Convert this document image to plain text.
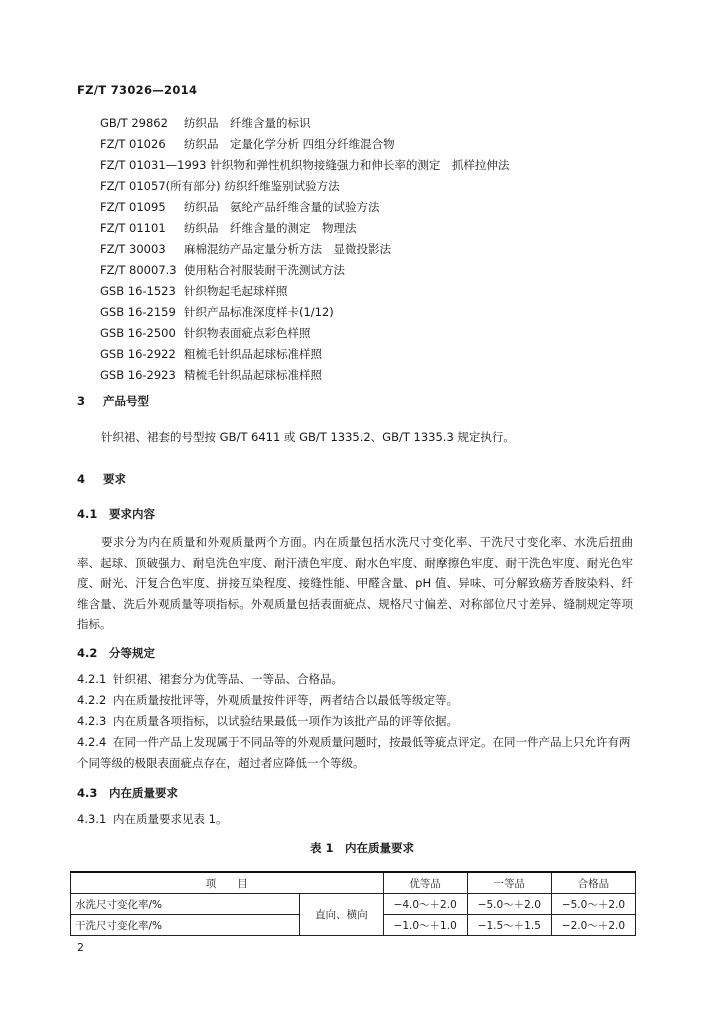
FZ/T 73026—2014
GB/T 29862 纺织品　纤维含量的标识
FZ/T 01026 纺织品　定量化学分析 四组分纤维混合物
FZ/T 01031—1993 针织物和弹性机织物接缝强力和伸长率的测定　抓样拉伸法
FZ/T 01057(所有部分) 纺织纤维鉴别试验方法
FZ/T 01095 纺织品　氨纶产品纤维含量的试验方法
FZ/T 01101 纺织品　纤维含量的测定　物理法
FZ/T 30003 麻棉混纺产品定量分析方法　显微投影法
FZ/T 80007.3 使用粘合衬服装耐干洗测试方法
GSB 16-1523 针织物起毛起球样照
GSB 16-2159 针织产品标准深度样卡(1/12)
GSB 16-2500 针织物表面疵点彩色样照
GSB 16-2922 粗梳毛针织品起球标准样照
GSB 16-2923 精梳毛针织品起球标准样照
3 产品号型
针织裙、裙套的号型按 GB/T 6411 或 GB/T 1335.2、GB/T 1335.3 规定执行。
4 要求
4.1 要求内容
要求分为内在质量和外观质量两个方面。内在质量包括水洗尺寸变化率、干洗尺寸变化率、水洗后扭曲率、起球、顶破强力、耐皂洗色牢度、耐汗渍色牢度、耐水色牢度、耐摩擦色牢度、耐干洗色牢度、耐光色牢度、耐光、汗复合色牢度、拼接互染程度、接缝性能、甲醛含量、pH 值、异味、可分解致癌芳香胺染料、纤维含量、洗后外观质量等项指标。外观质量包括表面疵点、规格尺寸偏差、对称部位尺寸差异、缝制规定等项指标。
4.2 分等规定
4.2.1 针织裙、裙套分为优等品、一等品、合格品。
4.2.2 内在质量按批评等，外观质量按件评等，两者结合以最低等级定等。
4.2.3 内在质量各项指标，以试验结果最低一项作为该批产品的评等依据。
4.2.4 在同一件产品上发现属于不同品等的外观质量问题时，按最低等疵点评定。在同一件产品上只允许有两个同等级的极限表面疵点存在，超过者应降低一个等级。
4.3 内在质量要求
4.3.1 内在质量要求见表 1。
表 1　内在质量要求
项　　目		优等品	一等品	合格品
水洗尺寸变化率/%	直向、横向	−4.0～＋2.0	−5.0～＋2.0	−5.0～＋2.0
干洗尺寸变化率/%		−1.0～＋1.0	−1.5～＋1.5	−2.0～＋2.0
2
